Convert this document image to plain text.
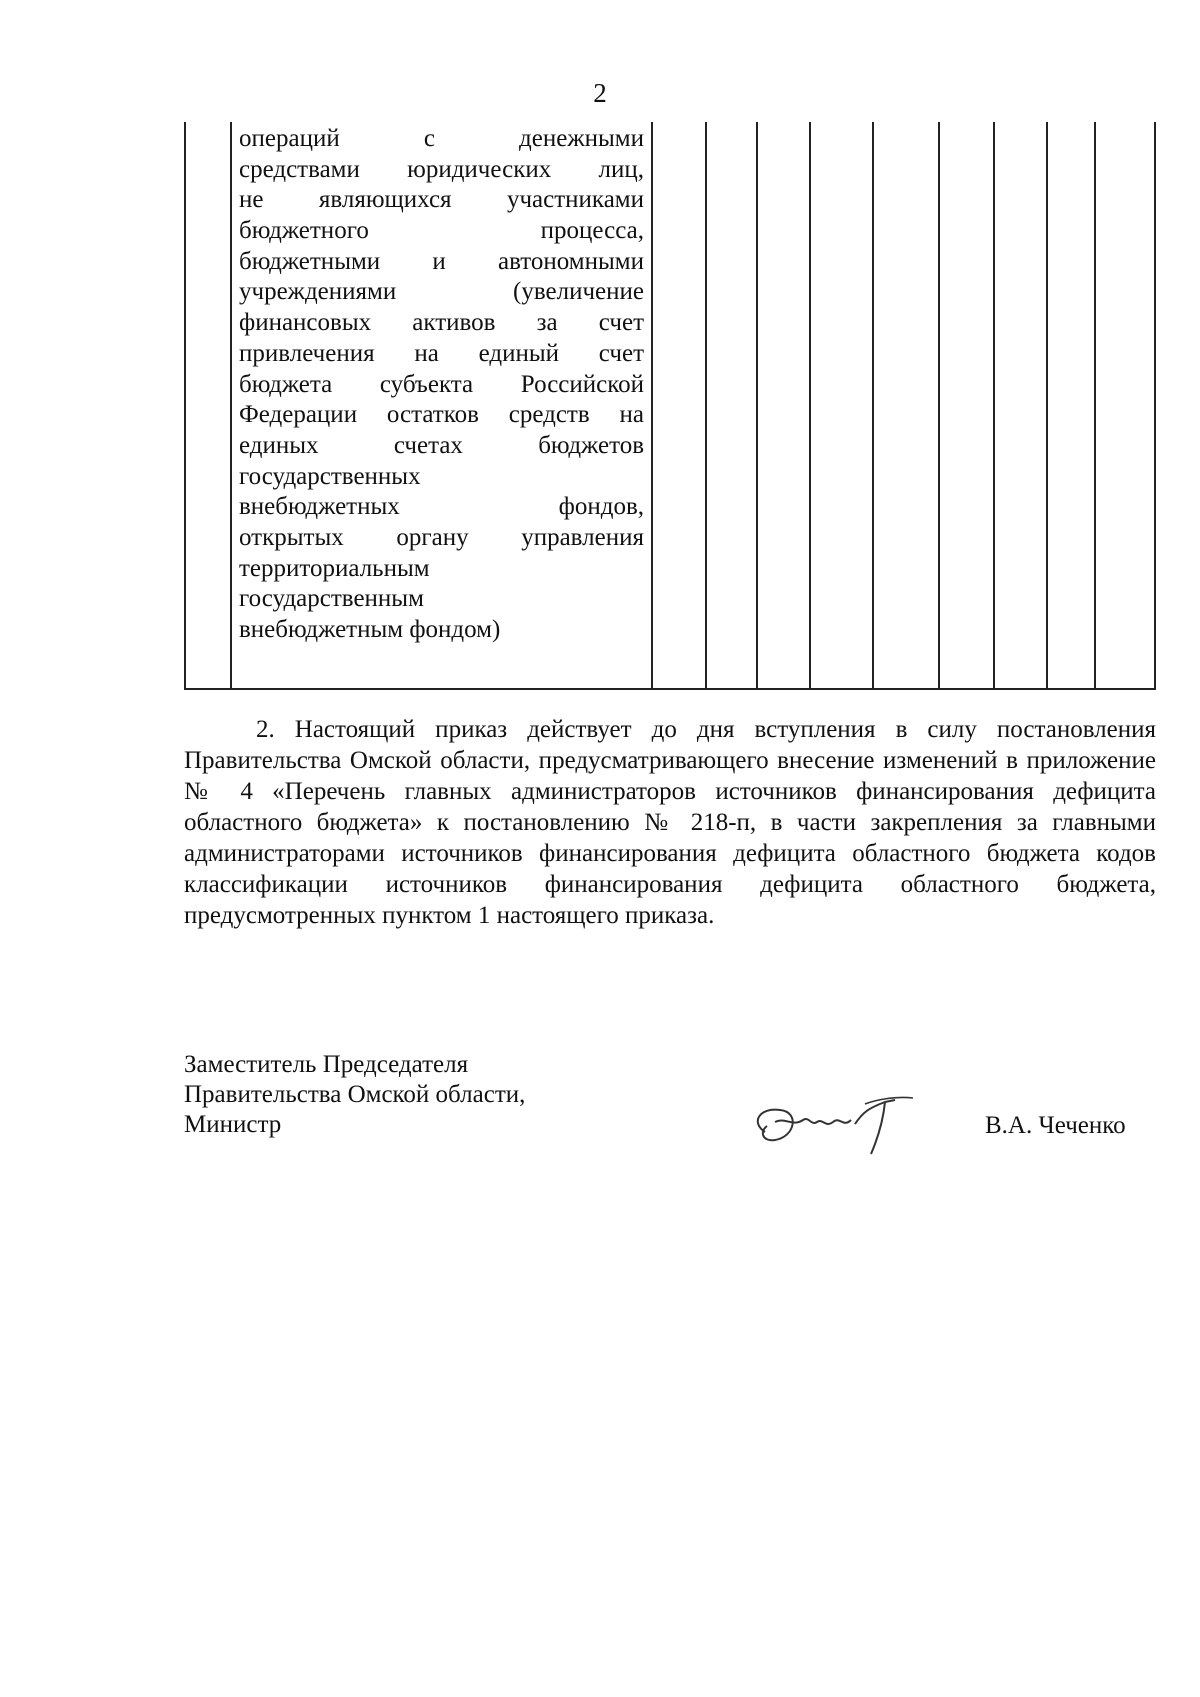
2
операций с денежными
средствами юридических лиц,
не являющихся участниками
бюджетного процесса,
бюджетными и автономными
учреждениями (увеличение
финансовых активов за счет
привлечения на единый счет
бюджета субъекта Российской
Федерации остатков средств на
единых счетах бюджетов
государственных
внебюджетных фондов,
открытых органу управления
территориальным
государственным
внебюджетным фондом)
2. Настоящий приказ действует до дня вступления в силу постановления Правительства Омской области, предусматривающего внесение изменений в приложение № 4 «Перечень главных администраторов источников финансирования дефицита областного бюджета» к постановлению № 218-п, в части закрепления за главными администраторами источников финансирования дефицита областного бюджета кодов классификации источников финансирования дефицита областного бюджета, предусмотренных пунктом 1 настоящего приказа.
Заместитель Председателя
Правительства Омской области,
Министр	В.А. Чеченко
